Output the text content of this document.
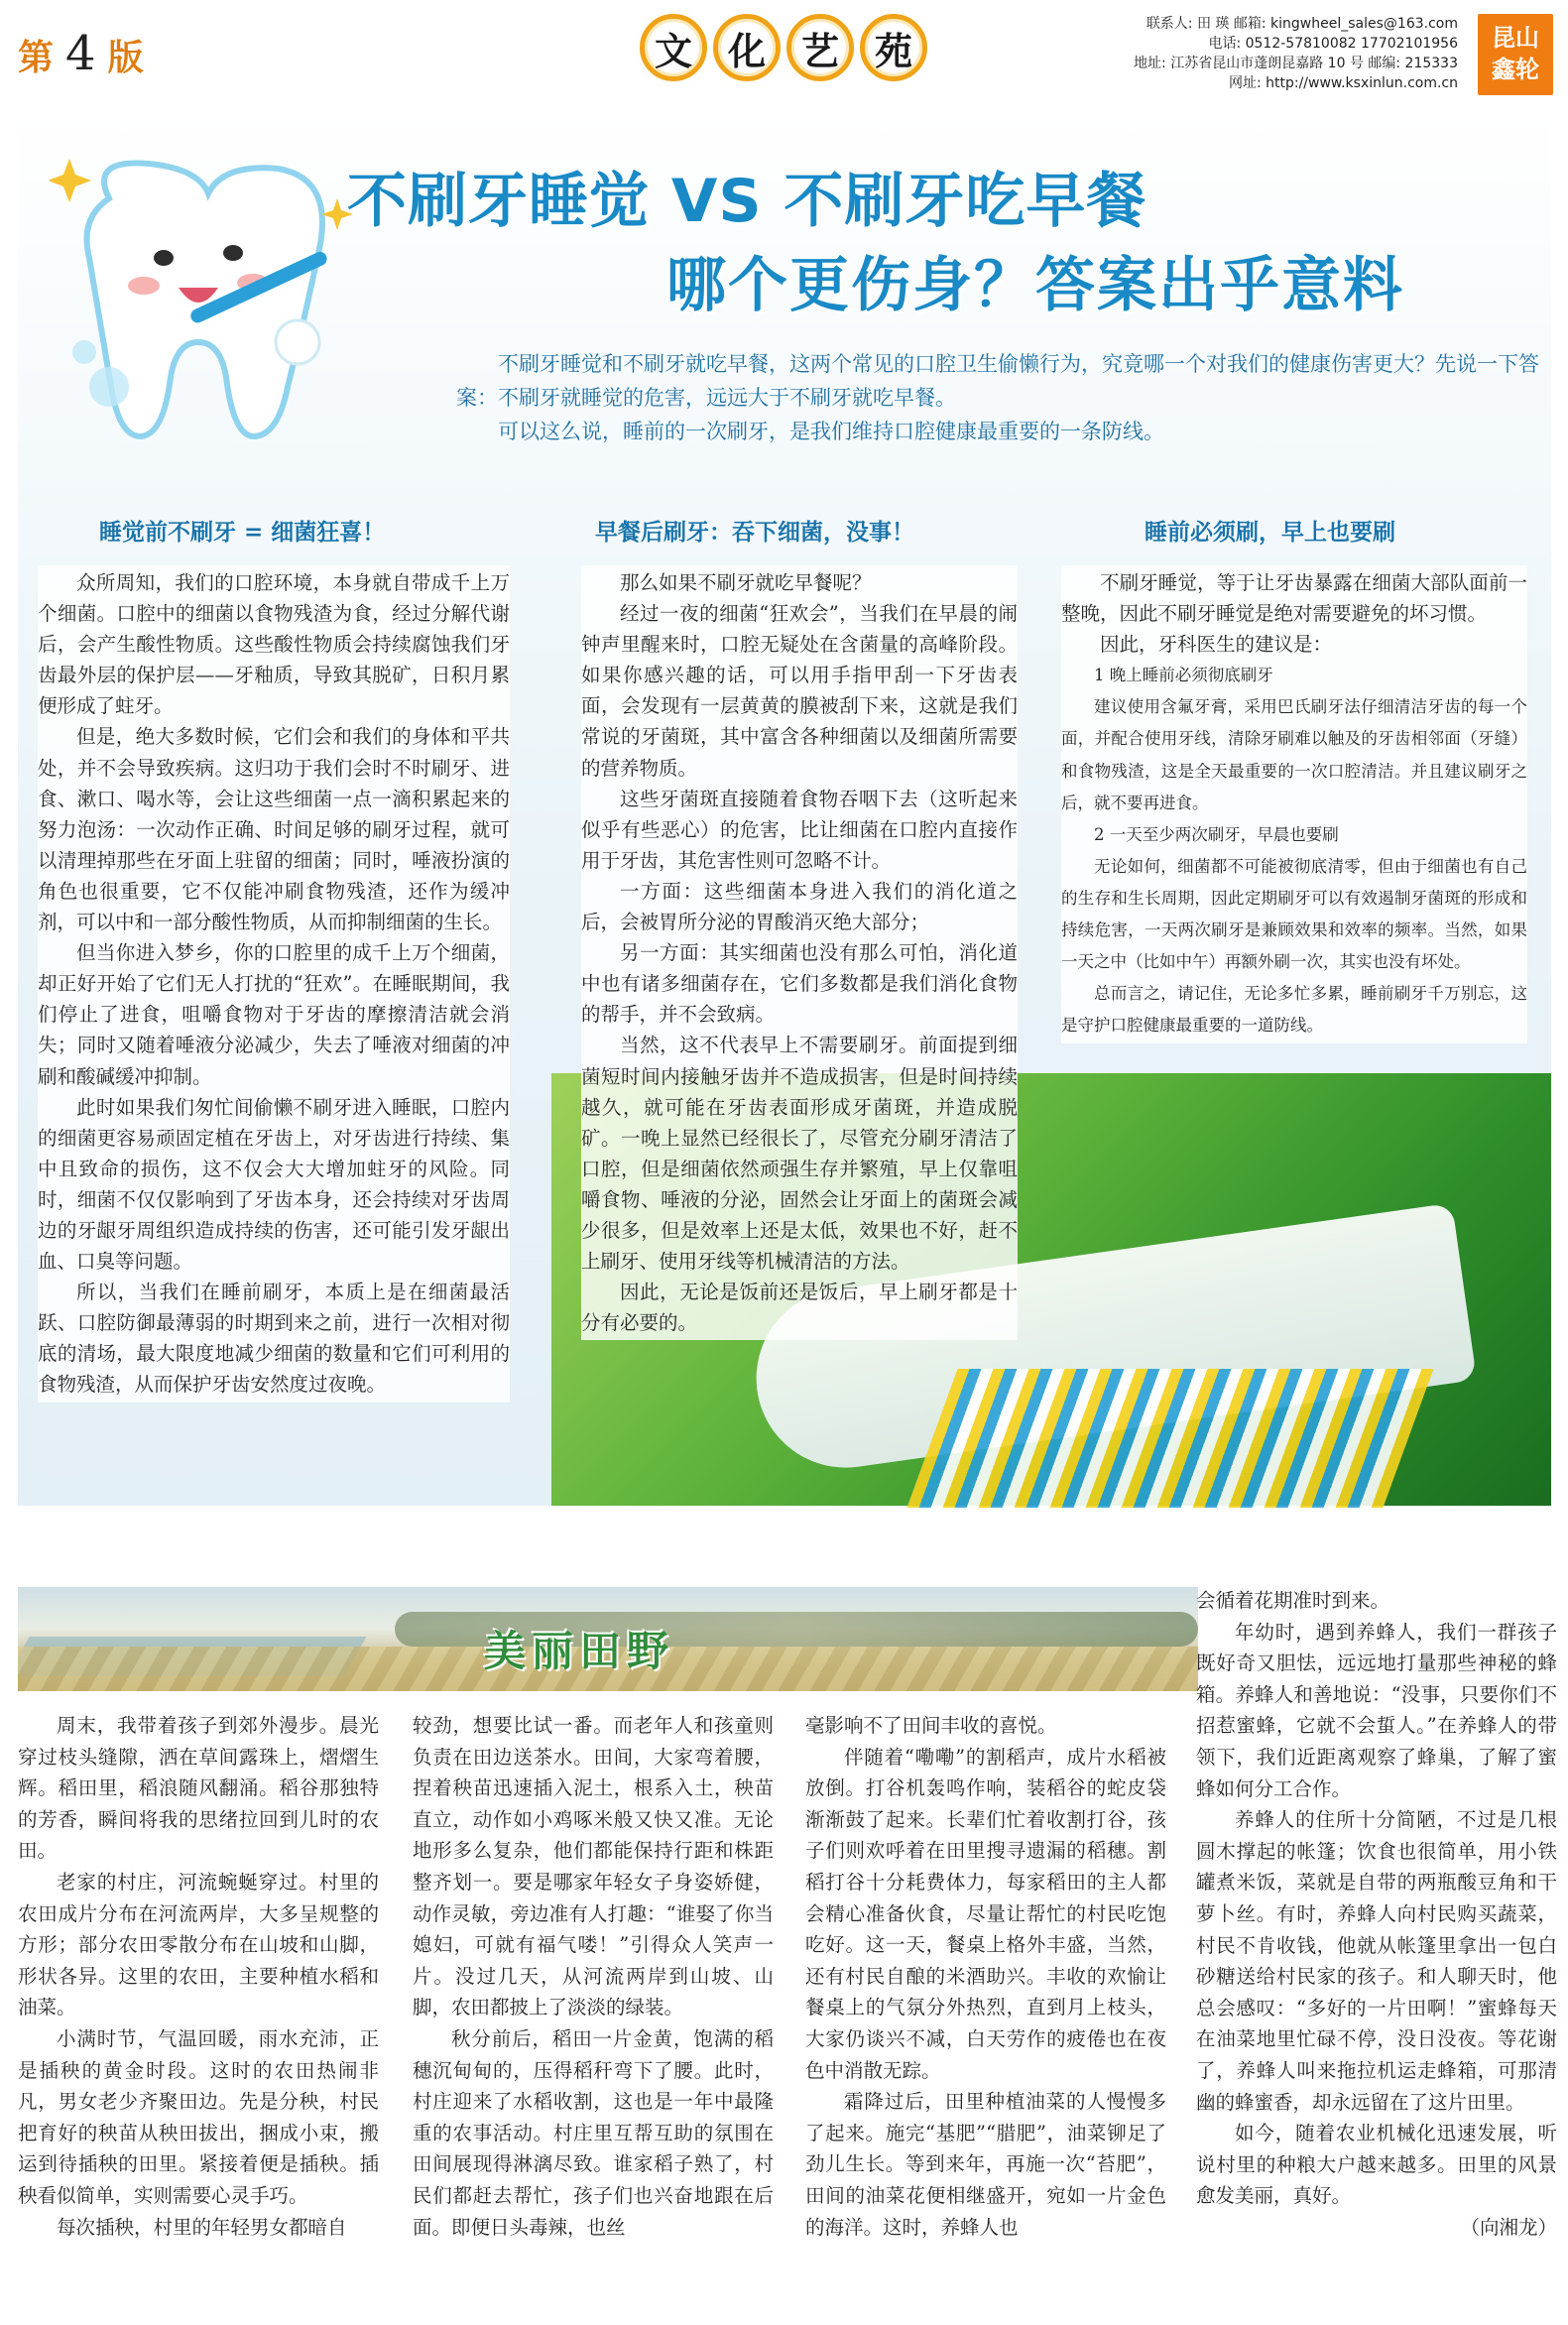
第 4 版	文 化 艺 苑
联系人: 田 瑛 邮箱: kingwheel_sales@163.com
电话: 0512-57810082 17702101956
地址: 江苏省昆山市蓬朗昆嘉路 10 号 邮编: 215333
网址: http://www.ksxinlun.com.cn
昆山
鑫轮
不刷牙睡觉 VS 不刷牙吃早餐
哪个更伤身？答案出乎意料

不刷牙睡觉和不刷牙就吃早餐，这两个常见的口腔卫生偷懒行为，究竟哪一个对我们的健康伤害更大？先说一下答案：不刷牙就睡觉的危害，远远大于不刷牙就吃早餐。

可以这么说，睡前的一次刷牙，是我们维持口腔健康最重要的一条防线。

睡觉前不刷牙 = 细菌狂喜！	早餐后刷牙：吞下细菌，没事！	睡前必须刷，早上也要刷

众所周知，我们的口腔环境，本身就自带成千上万个细菌。口腔中的细菌以食物残渣为食，经过分解代谢后，会产生酸性物质。这些酸性物质会持续腐蚀我们牙齿最外层的保护层——牙釉质，导致其脱矿，日积月累便形成了蛀牙。

但是，绝大多数时候，它们会和我们的身体和平共处，并不会导致疾病。这归功于我们会时不时刷牙、进食、漱口、喝水等，会让这些细菌一点一滴积累起来的努力泡汤：一次动作正确、时间足够的刷牙过程，就可以清理掉那些在牙面上驻留的细菌；同时，唾液扮演的角色也很重要，它不仅能冲刷食物残渣，还作为缓冲剂，可以中和一部分酸性物质，从而抑制细菌的生长。

但当你进入梦乡，你的口腔里的成千上万个细菌，却正好开始了它们无人打扰的“狂欢”。在睡眠期间，我们停止了进食，咀嚼食物对于牙齿的摩擦清洁就会消失；同时又随着唾液分泌减少，失去了唾液对细菌的冲刷和酸碱缓冲抑制。

此时如果我们匆忙间偷懒不刷牙进入睡眠，口腔内的细菌更容易顽固定植在牙齿上，对牙齿进行持续、集中且致命的损伤，这不仅会大大增加蛀牙的风险。同时，细菌不仅仅影响到了牙齿本身，还会持续对牙齿周边的牙龈牙周组织造成持续的伤害，还可能引发牙龈出血、口臭等问题。

所以，当我们在睡前刷牙，本质上是在细菌最活跃、口腔防御最薄弱的时期到来之前，进行一次相对彻底的清场，最大限度地减少细菌的数量和它们可利用的食物残渣，从而保护牙齿安然度过夜晚。

那么如果不刷牙就吃早餐呢？

经过一夜的细菌“狂欢会”，当我们在早晨的闹钟声里醒来时，口腔无疑处在含菌量的高峰阶段。如果你感兴趣的话，可以用手指甲刮一下牙齿表面，会发现有一层黄黄的膜被刮下来，这就是我们常说的牙菌斑，其中富含各种细菌以及细菌所需要的营养物质。

这些牙菌斑直接随着食物吞咽下去（这听起来似乎有些恶心）的危害，比让细菌在口腔内直接作用于牙齿，其危害性则可忽略不计。

一方面：这些细菌本身进入我们的消化道之后，会被胃所分泌的胃酸消灭绝大部分；

另一方面：其实细菌也没有那么可怕，消化道中也有诸多细菌存在，它们多数都是我们消化食物的帮手，并不会致病。

当然，这不代表早上不需要刷牙。前面提到细菌短时间内接触牙齿并不造成损害，但是时间持续越久，就可能在牙齿表面形成牙菌斑，并造成脱矿。一晚上显然已经很长了，尽管充分刷牙清洁了口腔，但是细菌依然顽强生存并繁殖，早上仅靠咀嚼食物、唾液的分泌，固然会让牙面上的菌斑会减少很多，但是效率上还是太低，效果也不好，赶不上刷牙、使用牙线等机械清洁的方法。

因此，无论是饭前还是饭后，早上刷牙都是十分有必要的。

不刷牙睡觉，等于让牙齿暴露在细菌大部队面前一整晚，因此不刷牙睡觉是绝对需要避免的坏习惯。

因此，牙科医生的建议是：

1 晚上睡前必须彻底刷牙

建议使用含氟牙膏，采用巴氏刷牙法仔细清洁牙齿的每一个面，并配合使用牙线，清除牙刷难以触及的牙齿相邻面（牙缝）和食物残渣，这是全天最重要的一次口腔清洁。并且建议刷牙之后，就不要再进食。

2 一天至少两次刷牙，早晨也要刷

无论如何，细菌都不可能被彻底清零，但由于细菌也有自己的生存和生长周期，因此定期刷牙可以有效遏制牙菌斑的形成和持续危害，一天两次刷牙是兼顾效果和效率的频率。当然，如果一天之中（比如中午）再额外刷一次，其实也没有坏处。

总而言之，请记住，无论多忙多累，睡前刷牙千万别忘，这是守护口腔健康最重要的一道防线。

美丽田野

周末，我带着孩子到郊外漫步。晨光穿过枝头缝隙，洒在草间露珠上，熠熠生辉。稻田里，稻浪随风翻涌。稻谷那独特的芳香，瞬间将我的思绪拉回到儿时的农田。

老家的村庄，河流蜿蜒穿过。村里的农田成片分布在河流两岸，大多呈规整的方形；部分农田零散分布在山坡和山脚，形状各异。这里的农田，主要种植水稻和油菜。

小满时节，气温回暖，雨水充沛，正是插秧的黄金时段。这时的农田热闹非凡，男女老少齐聚田边。先是分秧，村民把育好的秧苗从秧田拔出，捆成小束，搬运到待插秧的田里。紧接着便是插秧。插秧看似简单，实则需要心灵手巧。

每次插秧，村里的年轻男女都暗自

较劲，想要比试一番。而老年人和孩童则负责在田边送茶水。田间，大家弯着腰，捏着秧苗迅速插入泥土，根系入土，秧苗直立，动作如小鸡啄米般又快又准。无论地形多么复杂，他们都能保持行距和株距整齐划一。要是哪家年轻女子身姿娇健，动作灵敏，旁边准有人打趣：“谁娶了你当媳妇，可就有福气喽！”引得众人笑声一片。没过几天，从河流两岸到山坡、山脚，农田都披上了淡淡的绿装。

秋分前后，稻田一片金黄，饱满的稻穗沉甸甸的，压得稻秆弯下了腰。此时，村庄迎来了水稻收割，这也是一年中最隆重的农事活动。村庄里互帮互助的氛围在田间展现得淋漓尽致。谁家稻子熟了，村民们都赶去帮忙，孩子们也兴奋地跟在后面。即便日头毒辣，也丝

毫影响不了田间丰收的喜悦。

伴随着“嘞嘞”的割稻声，成片水稻被放倒。打谷机轰鸣作响，装稻谷的蛇皮袋渐渐鼓了起来。长辈们忙着收割打谷，孩子们则欢呼着在田里搜寻遗漏的稻穗。割稻打谷十分耗费体力，每家稻田的主人都会精心准备伙食，尽量让帮忙的村民吃饱吃好。这一天，餐桌上格外丰盛，当然，还有村民自酿的米酒助兴。丰收的欢愉让餐桌上的气氛分外热烈，直到月上枝头，大家仍谈兴不减，白天劳作的疲倦也在夜色中消散无踪。

霜降过后，田里种植油菜的人慢慢多了起来。施完“基肥”“腊肥”，油菜铆足了劲儿生长。等到来年，再施一次“苔肥”，田间的油菜花便相继盛开，宛如一片金色的海洋。这时，养蜂人也

会循着花期准时到来。

年幼时，遇到养蜂人，我们一群孩子既好奇又胆怯，远远地打量那些神秘的蜂箱。养蜂人和善地说：“没事，只要你们不招惹蜜蜂，它就不会蜇人。”在养蜂人的带领下，我们近距离观察了蜂巢，了解了蜜蜂如何分工合作。

养蜂人的住所十分简陋，不过是几根圆木撑起的帐篷；饮食也很简单，用小铁罐煮米饭，菜就是自带的两瓶酸豆角和干萝卜丝。有时，养蜂人向村民购买蔬菜，村民不肯收钱，他就从帐篷里拿出一包白砂糖送给村民家的孩子。和人聊天时，他总会感叹：“多好的一片田啊！”蜜蜂每天在油菜地里忙碌不停，没日没夜。等花谢了，养蜂人叫来拖拉机运走蜂箱，可那清幽的蜂蜜香，却永远留在了这片田里。

如今，随着农业机械化迅速发展，听说村里的种粮大户越来越多。田里的风景愈发美丽，真好。

（向湘龙）
